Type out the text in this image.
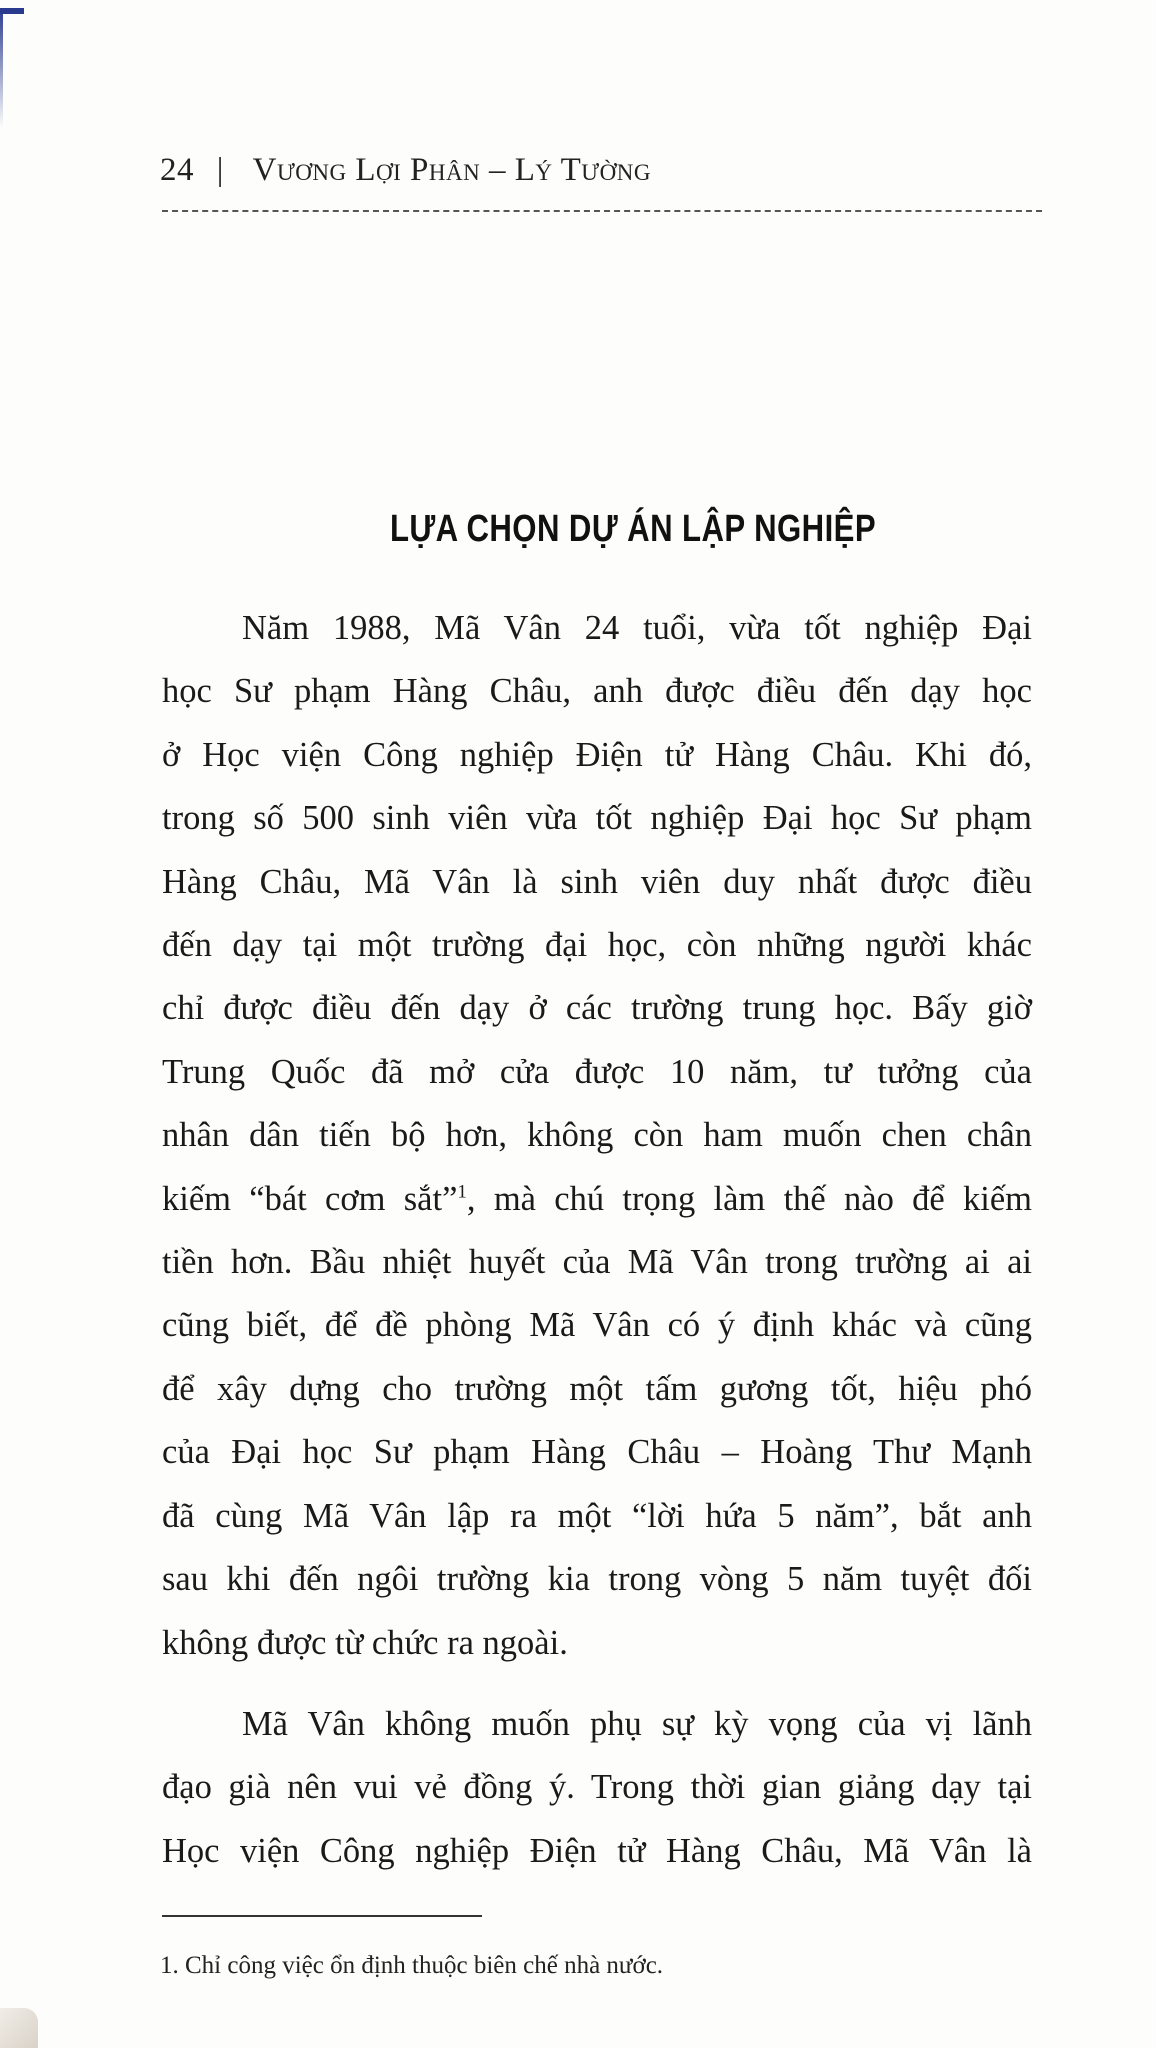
24 | Vương Lợi Phân – Lý Tường
LỰA CHỌN DỰ ÁN LẬP NGHIỆP
Năm 1988, Mã Vân 24 tuổi, vừa tốt nghiệp Đại
học Sư phạm Hàng Châu, anh được điều đến dạy học
ở Học viện Công nghiệp Điện tử Hàng Châu. Khi đó,
trong số 500 sinh viên vừa tốt nghiệp Đại học Sư phạm
Hàng Châu, Mã Vân là sinh viên duy nhất được điều
đến dạy tại một trường đại học, còn những người khác
chỉ được điều đến dạy ở các trường trung học. Bấy giờ
Trung Quốc đã mở cửa được 10 năm, tư tưởng của
nhân dân tiến bộ hơn, không còn ham muốn chen chân
kiếm “bát cơm sắt”$^1$, mà chú trọng làm thế nào để kiếm
tiền hơn. Bầu nhiệt huyết của Mã Vân trong trường ai ai
cũng biết, để đề phòng Mã Vân có ý định khác và cũng
để xây dựng cho trường một tấm gương tốt, hiệu phó
của Đại học Sư phạm Hàng Châu – Hoàng Thư Mạnh
đã cùng Mã Vân lập ra một “lời hứa 5 năm”, bắt anh
sau khi đến ngôi trường kia trong vòng 5 năm tuyệt đối
không được từ chức ra ngoài.
Mã Vân không muốn phụ sự kỳ vọng của vị lãnh
đạo già nên vui vẻ đồng ý. Trong thời gian giảng dạy tại
Học viện Công nghiệp Điện tử Hàng Châu, Mã Vân là
1. Chỉ công việc ổn định thuộc biên chế nhà nước.
